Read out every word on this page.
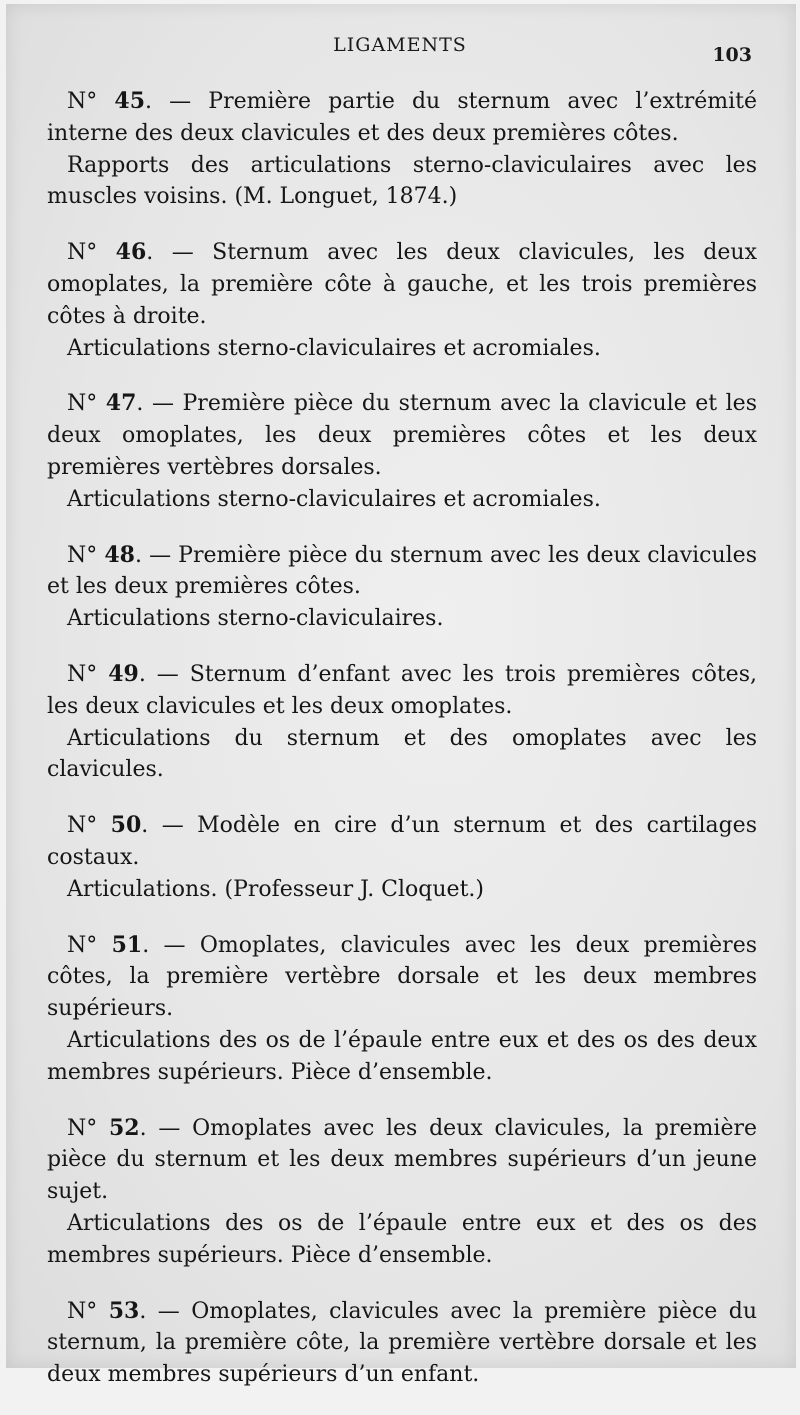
LIGAMENTS	103

N° 45. — Première partie du sternum avec l’extrémité interne des deux clavicules et des deux premières côtes.

Rapports des articulations sterno-claviculaires avec les muscles voisins. (M. Longuet, 1874.)

N° 46. — Sternum avec les deux clavicules, les deux omoplates, la première côte à gauche, et les trois premières côtes à droite.

Articulations sterno-claviculaires et acromiales.

N° 47. — Première pièce du sternum avec la clavicule et les deux omoplates, les deux premières côtes et les deux premières vertèbres dorsales.

Articulations sterno-claviculaires et acromiales.

N° 48. — Première pièce du sternum avec les deux clavicules et les deux premières côtes.

Articulations sterno-claviculaires.

N° 49. — Sternum d’enfant avec les trois premières côtes, les deux clavicules et les deux omoplates.

Articulations du sternum et des omoplates avec les clavicules.

N° 50. — Modèle en cire d’un sternum et des cartilages costaux.

Articulations. (Professeur J. Cloquet.)

N° 51. — Omoplates, clavicules avec les deux premières côtes, la première vertèbre dorsale et les deux membres supérieurs.

Articulations des os de l’épaule entre eux et des os des deux membres supérieurs. Pièce d’ensemble.

N° 52. — Omoplates avec les deux clavicules, la première pièce du sternum et les deux membres supérieurs d’un jeune sujet.

Articulations des os de l’épaule entre eux et des os des membres supérieurs. Pièce d’ensemble.

N° 53. — Omoplates, clavicules avec la première pièce du sternum, la première côte, la première vertèbre dorsale et les deux membres supérieurs d’un enfant.
